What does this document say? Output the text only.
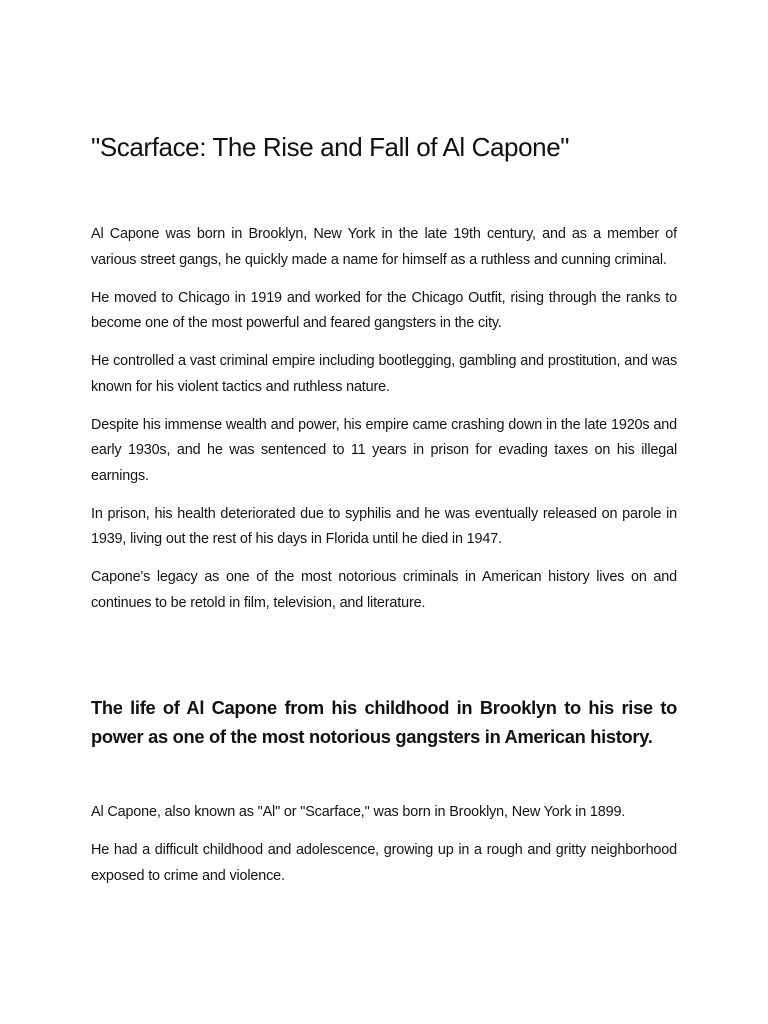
"Scarface: The Rise and Fall of Al Capone"

Al Capone was born in Brooklyn, New York in the late 19th century, and as a member of various street gangs, he quickly made a name for himself as a ruthless and cunning criminal.

He moved to Chicago in 1919 and worked for the Chicago Outfit, rising through the ranks to become one of the most powerful and feared gangsters in the city.

He controlled a vast criminal empire including bootlegging, gambling and prostitution, and was known for his violent tactics and ruthless nature.

Despite his immense wealth and power, his empire came crashing down in the late 1920s and early 1930s, and he was sentenced to 11 years in prison for evading taxes on his illegal earnings.

In prison, his health deteriorated due to syphilis and he was eventually released on parole in 1939, living out the rest of his days in Florida until he died in 1947.

Capone's legacy as one of the most notorious criminals in American history lives on and continues to be retold in film, television, and literature.

The life of Al Capone from his childhood in Brooklyn to his rise to power as one of the most notorious gangsters in American history.

Al Capone, also known as "Al" or "Scarface," was born in Brooklyn, New York in 1899.

He had a difficult childhood and adolescence, growing up in a rough and gritty neighborhood exposed to crime and violence.
